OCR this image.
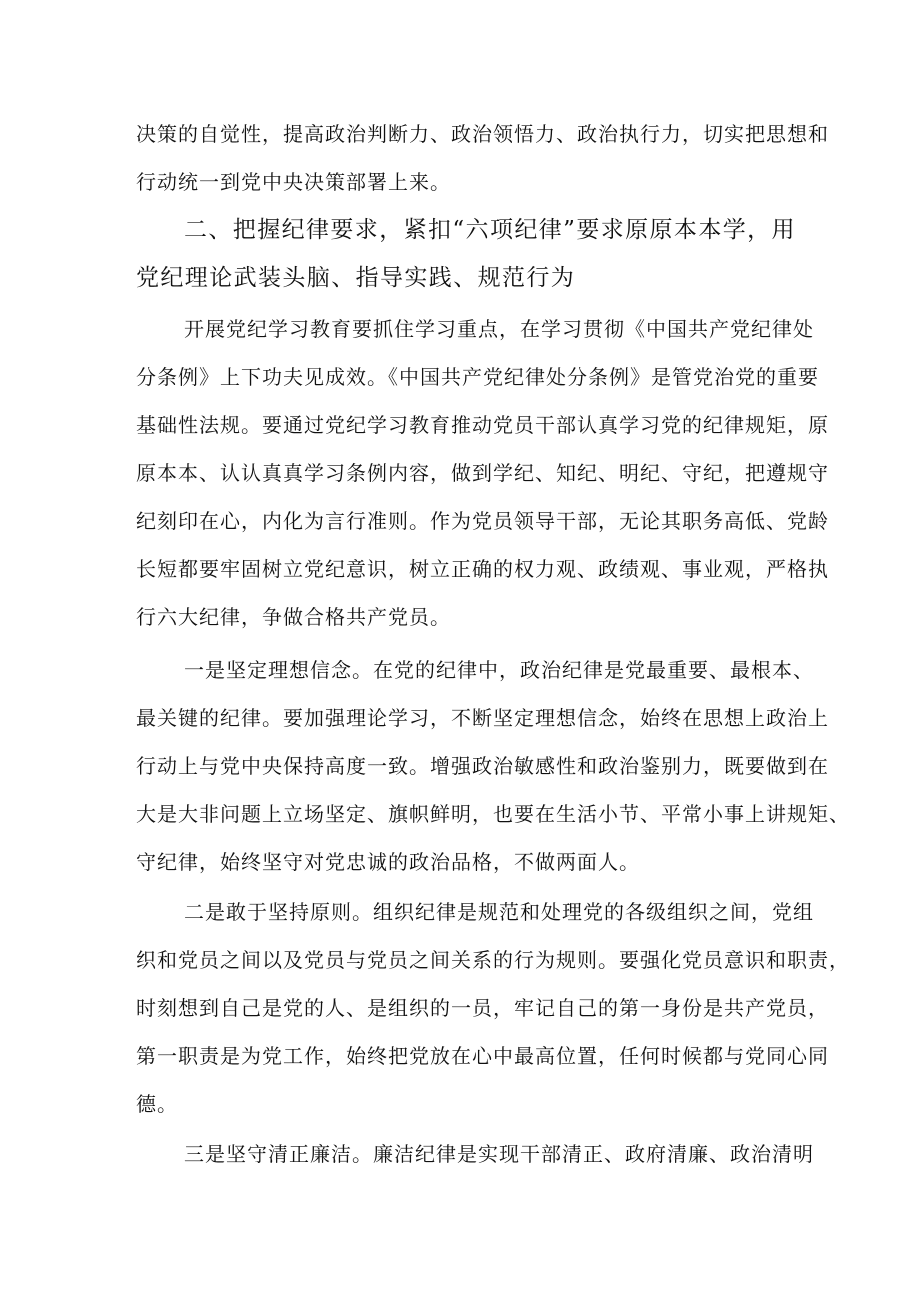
决策的自觉性，提高政治判断力、政治领悟力、政治执行力，切实把思想和
行动统一到党中央决策部署上来。
二、把握纪律要求，紧扣“六项纪律”要求原原本本学，用
党纪理论武装头脑、指导实践、规范行为
开展党纪学习教育要抓住学习重点，在学习贯彻《中国共产党纪律处
分条例》上下功夫见成效。《中国共产党纪律处分条例》是管党治党的重要
基础性法规。要通过党纪学习教育推动党员干部认真学习党的纪律规矩，原
原本本、认认真真学习条例内容，做到学纪、知纪、明纪、守纪，把遵规守
纪刻印在心，内化为言行准则。作为党员领导干部，无论其职务高低、党龄
长短都要牢固树立党纪意识，树立正确的权力观、政绩观、事业观，严格执
行六大纪律，争做合格共产党员。
一是坚定理想信念。在党的纪律中，政治纪律是党最重要、最根本、
最关键的纪律。要加强理论学习，不断坚定理想信念，始终在思想上政治上
行动上与党中央保持高度一致。增强政治敏感性和政治鉴别力，既要做到在
大是大非问题上立场坚定、旗帜鲜明，也要在生活小节、平常小事上讲规矩、
守纪律，始终坚守对党忠诚的政治品格，不做两面人。
二是敢于坚持原则。组织纪律是规范和处理党的各级组织之间，党组
织和党员之间以及党员与党员之间关系的行为规则。要强化党员意识和职责，
时刻想到自己是党的人、是组织的一员，牢记自己的第一身份是共产党员，
第一职责是为党工作，始终把党放在心中最高位置，任何时候都与党同心同
德。
三是坚守清正廉洁。廉洁纪律是实现干部清正、政府清廉、政治清明
